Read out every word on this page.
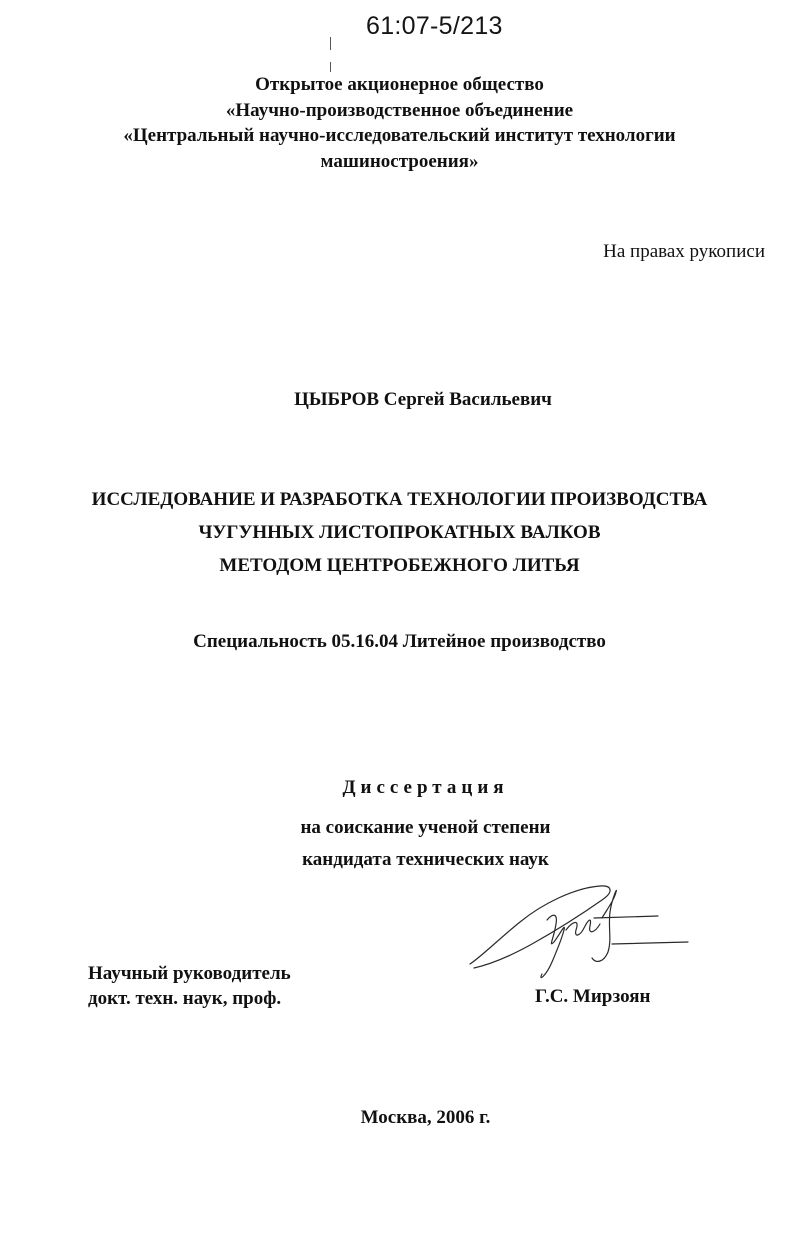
61:07-5/213
Открытое акционерное общество
«Научно-производственное объединение
«Центральный научно-исследовательский институт технологии
машиностроения»
На правах рукописи
ЦЫБРОВ Сергей Васильевич
ИССЛЕДОВАНИЕ И РАЗРАБОТКА ТЕХНОЛОГИИ ПРОИЗВОДСТВА
ЧУГУННЫХ ЛИСТОПРОКАТНЫХ ВАЛКОВ
МЕТОДОМ ЦЕНТРОБЕЖНОГО ЛИТЬЯ
Специальность 05.16.04 Литейное производство
Диссертация
на соискание ученой степени
кандидата технических наук
Научный руководитель
докт. техн. наук, проф.	Г.С. Мирзоян
Москва, 2006 г.
